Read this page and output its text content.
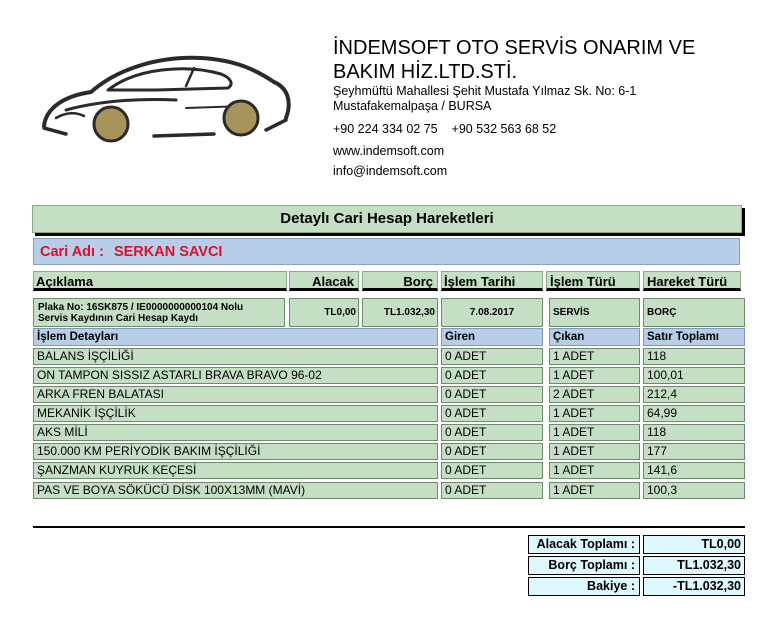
İNDEMSOFT OTO SERVİS ONARIM VE
BAKIM HİZ.LTD.STİ.
Şeyhmüftü Mahallesi Şehit Mustafa Yılmaz Sk. No: 6-1
Mustafakemalpaşa / BURSA
+90 224 334 02 75 +90 532 563 68 52
www.indemsoft.com
info@indemsoft.com
Detaylı Cari Hesap Hareketleri
Cari Adı : SERKAN SAVCI
Açıklama	Alacak	Borç İşlem Tarihi	İşlem Türü	Hareket Türü
Plaka No: 16SK875 / IE0000000000104 Nolu
Servis Kaydının Cari Hesap Kaydı
TL0,00	TL1.032,30	7.08.2017	SERVİS	BORÇ
İşlem Detayları	Giren	Çıkan	Satır Toplamı
BALANS İŞÇİLİĞİ	0 ADET	1 ADET	118
ON TAMPON SISSIZ ASTARLI BRAVA BRAVO 96-02	0 ADET	1 ADET	100,01
ARKA FREN BALATASI	0 ADET	2 ADET	212,4
MEKANİK İŞÇİLİK	0 ADET	1 ADET	64,99
AKS MİLİ	0 ADET	1 ADET	118
150.000 KM PERİYODİK BAKIM İŞÇİLİĞİ	0 ADET	1 ADET	177
ŞANZMAN KUYRUK KEÇESİ	0 ADET	1 ADET	141,6
PAS VE BOYA SÖKÜCÜ DİSK 100X13MM (MAVİ)	0 ADET	1 ADET	100,3
Alacak Toplamı :	TL0,00
Borç Toplamı :	TL1.032,30
Bakiye :	-TL1.032,30
